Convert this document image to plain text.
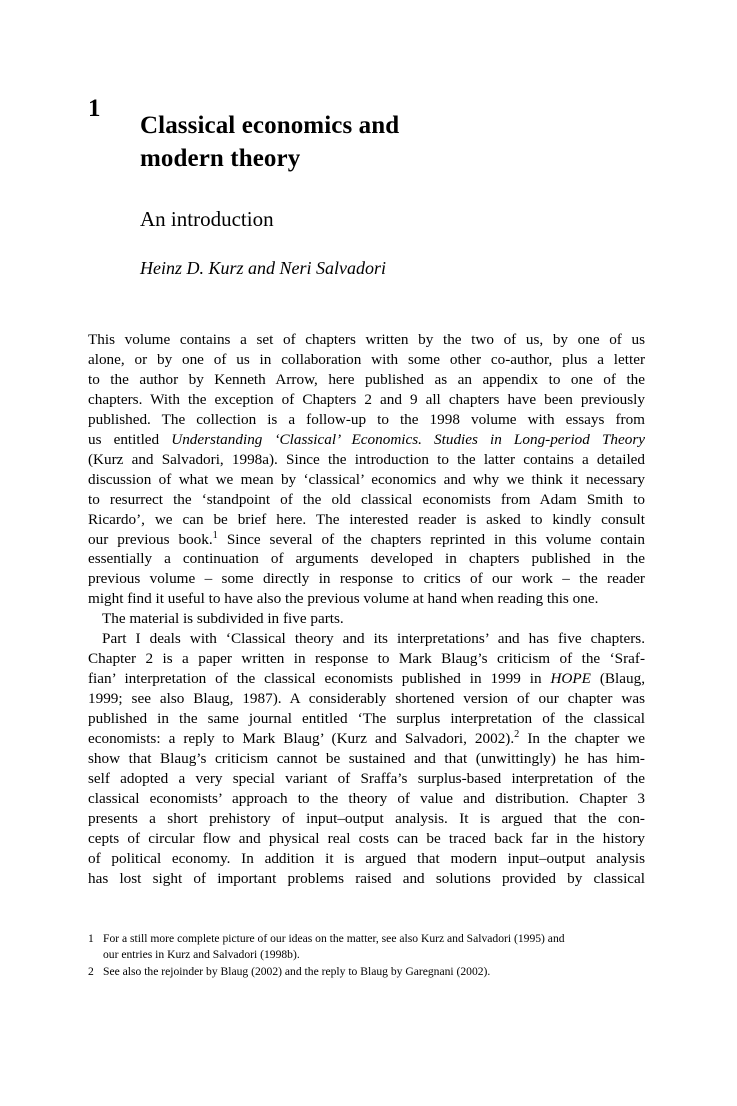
1
Classical economics and
modern theory
An introduction
Heinz D. Kurz and Neri Salvadori

This volume contains a set of chapters written by the two of us, by one of us
alone, or by one of us in collaboration with some other co-author, plus a letter
to the author by Kenneth Arrow, here published as an appendix to one of the
chapters. With the exception of Chapters 2 and 9 all chapters have been previously
published. The collection is a follow-up to the 1998 volume with essays from
us entitled Understanding ‘Classical’ Economics. Studies in Long-period Theory
(Kurz and Salvadori, 1998a). Since the introduction to the latter contains a detailed
discussion of what we mean by ‘classical’ economics and why we think it necessary
to resurrect the ‘standpoint of the old classical economists from Adam Smith to
Ricardo’, we can be brief here. The interested reader is asked to kindly consult
our previous book.$^1$ Since several of the chapters reprinted in this volume contain
essentially a continuation of arguments developed in chapters published in the
previous volume – some directly in response to critics of our work – the reader
might find it useful to have also the previous volume at hand when reading this one.

The material is subdivided in five parts.

Part I deals with ‘Classical theory and its interpretations’ and has five chapters.
Chapter 2 is a paper written in response to Mark Blaug’s criticism of the ‘Sraf-
fian’ interpretation of the classical economists published in 1999 in HOPE (Blaug,
1999; see also Blaug, 1987). A considerably shortened version of our chapter was
published in the same journal entitled ‘The surplus interpretation of the classical
economists: a reply to Mark Blaug’ (Kurz and Salvadori, 2002).$^2$ In the chapter we
show that Blaug’s criticism cannot be sustained and that (unwittingly) he has him-
self adopted a very special variant of Sraffa’s surplus-based interpretation of the
classical economists’ approach to the theory of value and distribution. Chapter 3
presents a short prehistory of input–output analysis. It is argued that the con-
cepts of circular flow and physical real costs can be traced back far in the history
of political economy. In addition it is argued that modern input–output analysis
has lost sight of important problems raised and solutions provided by classical

1 For a still more complete picture of our ideas on the matter, see also Kurz and Salvadori (1995) and
our entries in Kurz and Salvadori (1998b).
2 See also the rejoinder by Blaug (2002) and the reply to Blaug by Garegnani (2002).
